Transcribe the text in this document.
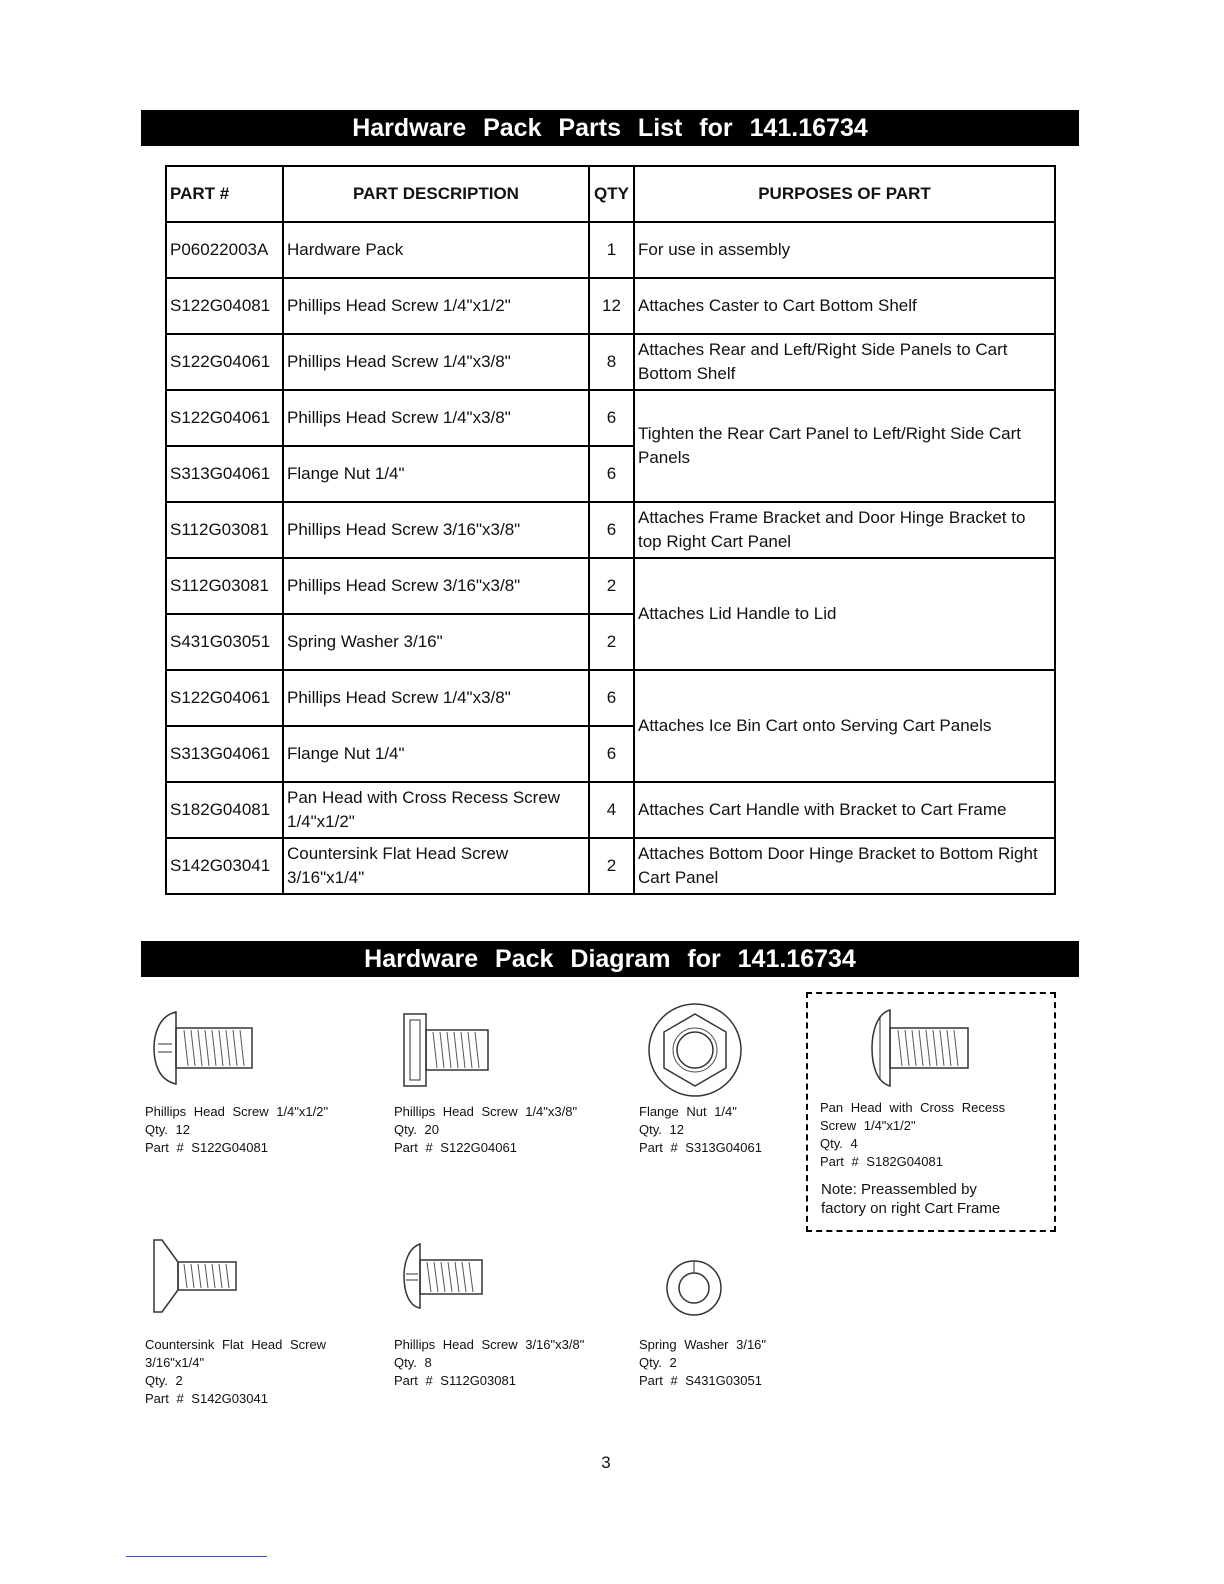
Hardware Pack Parts List for 141.16734
PART #	PART DESCRIPTION	QTY	PURPOSES OF PART
P06022003A	Hardware Pack	1	For use in assembly
S122G04081	Phillips Head Screw 1/4"x1/2"	12	Attaches Caster to Cart Bottom Shelf
S122G04061	Phillips Head Screw 1/4"x3/8"	8	Attaches Rear and Left/Right Side Panels to Cart Bottom Shelf
S122G04061	Phillips Head Screw 1/4"x3/8"	6	Tighten the Rear Cart Panel to Left/Right Side Cart Panels
S313G04061	Flange Nut 1/4"	6	
S112G03081	Phillips Head Screw 3/16"x3/8"	6	Attaches Frame Bracket and Door Hinge Bracket to top Right Cart Panel
S112G03081	Phillips Head Screw 3/16"x3/8"	2	Attaches Lid Handle to Lid
S431G03051	Spring Washer 3/16"	2	
S122G04061	Phillips Head Screw 1/4"x3/8"	6	Attaches Ice Bin Cart onto Serving Cart Panels
S313G04061	Flange Nut 1/4"	6	
S182G04081	Pan Head with Cross Recess Screw 1/4"x1/2"	4	Attaches Cart Handle with Bracket to Cart Frame
S142G03041	Countersink Flat Head Screw 3/16"x1/4"	2	Attaches Bottom Door Hinge Bracket to Bottom Right Cart Panel
Hardware Pack Diagram for 141.16734
Phillips Head Screw 1/4"x1/2"
Qty. 12
Part # S122G04081
Phillips Head Screw 1/4"x3/8"
Qty. 20
Part # S122G04061
Flange Nut 1/4"
Qty. 12
Part # S313G04061
Pan Head with Cross Recess
Screw 1/4"x1/2"
Qty. 4
Part # S182G04081
Note: Preassembled by
factory on right Cart Frame
Countersink Flat Head Screw
3/16"x1/4"
Qty. 2
Part # S142G03041
Phillips Head Screw 3/16"x3/8"
Qty. 8
Part # S112G03081
Spring Washer 3/16"
Qty. 2
Part # S431G03051
3
